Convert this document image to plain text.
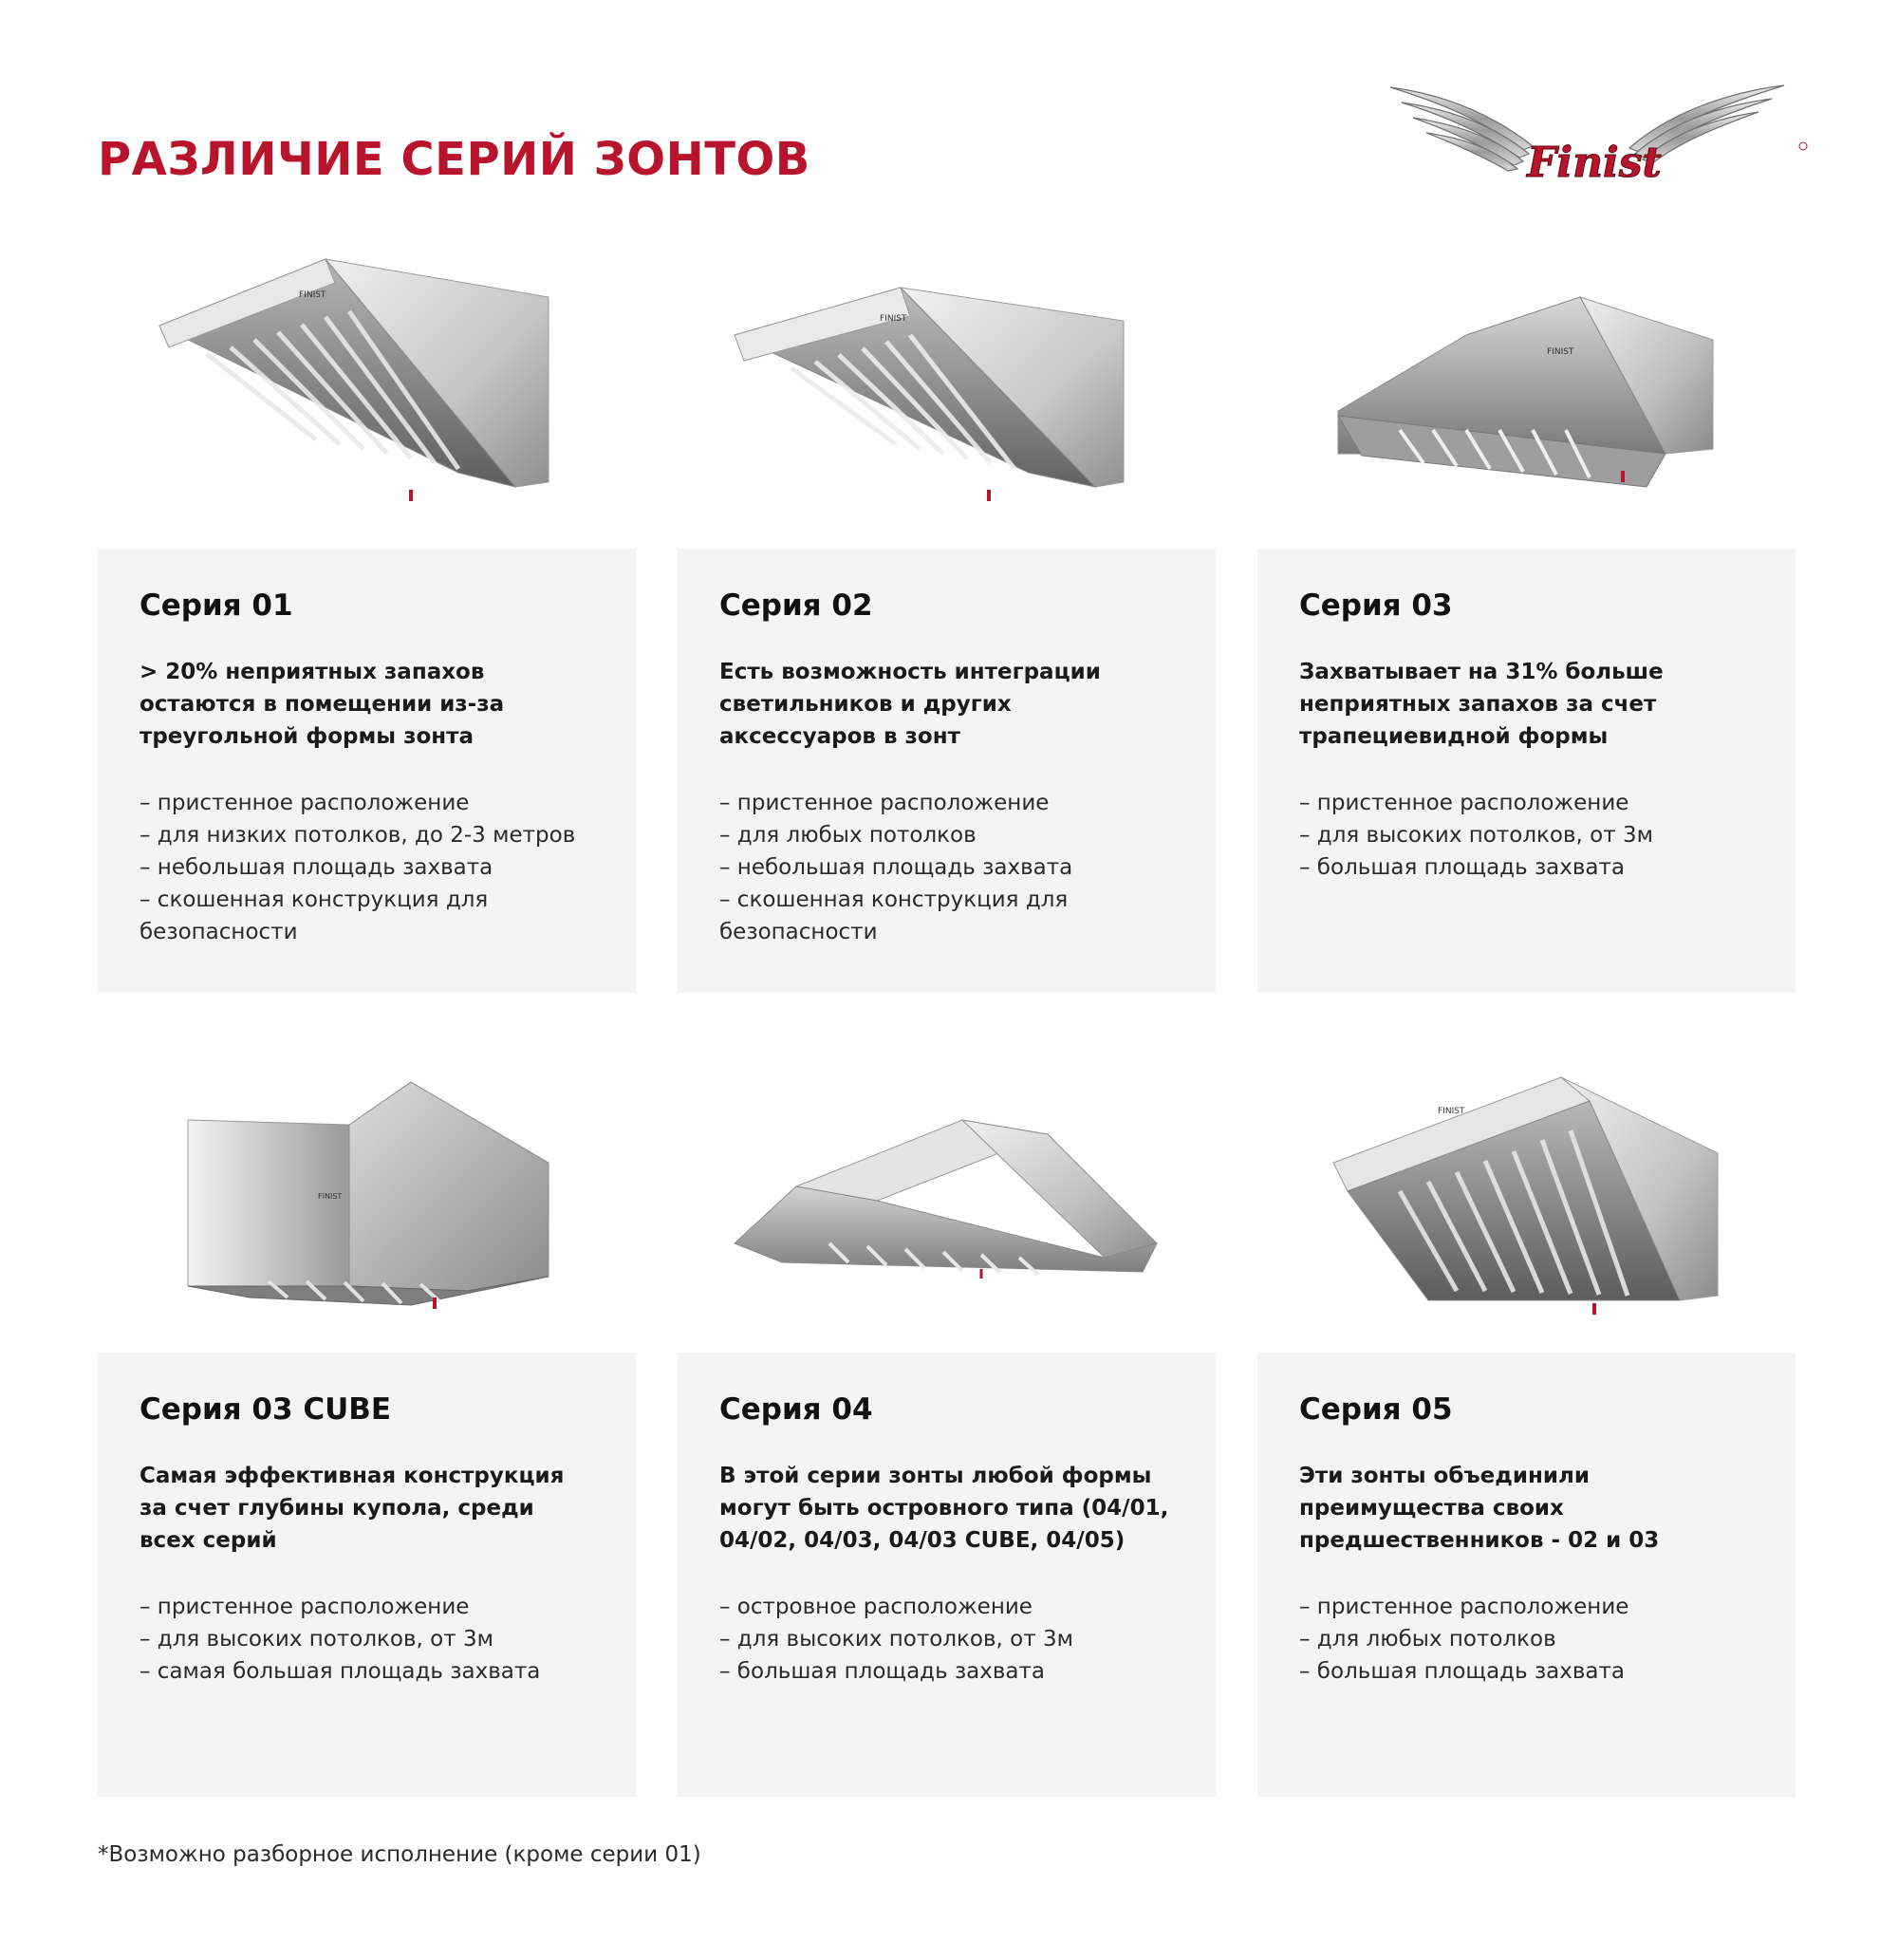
РАЗЛИЧИЕ СЕРИЙ ЗОНТОВ	Finist
FINIST
Серия 01

> 20% неприятных запахов остаются в помещении из-за треугольной формы зонта

– пристенное расположение
– для низких потолков, до 2-3 метров
– небольшая площадь захвата
– скошенная конструкция для безопасности
FINIST
Серия 02

Есть возможность интеграции светильников и других аксессуаров в зонт

– пристенное расположение
– для любых потолков
– небольшая площадь захвата
– скошенная конструкция для безопасности
FINIST
Серия 03

Захватывает на 31% больше неприятных запахов за счет трапециевидной формы

– пристенное расположение
– для высоких потолков, от 3м
– большая площадь захвата
FINIST
Серия 03 CUBE

Самая эффективная конструкция за счет глубины купола, среди всех серий

– пристенное расположение
– для высоких потолков, от 3м
– самая большая площадь захвата
Серия 04

В этой серии зонты любой формы могут быть островного типа (04/01, 04/02, 04/03, 04/03 CUBE, 04/05)

– островное расположение
– для высоких потолков, от 3м
– большая площадь захвата
FINIST
Серия 05

Эти зонты объединили преимущества своих предшественников - 02 и 03

– пристенное расположение
– для любых потолков
– большая площадь захвата

*Возможно разборное исполнение (кроме серии 01)
